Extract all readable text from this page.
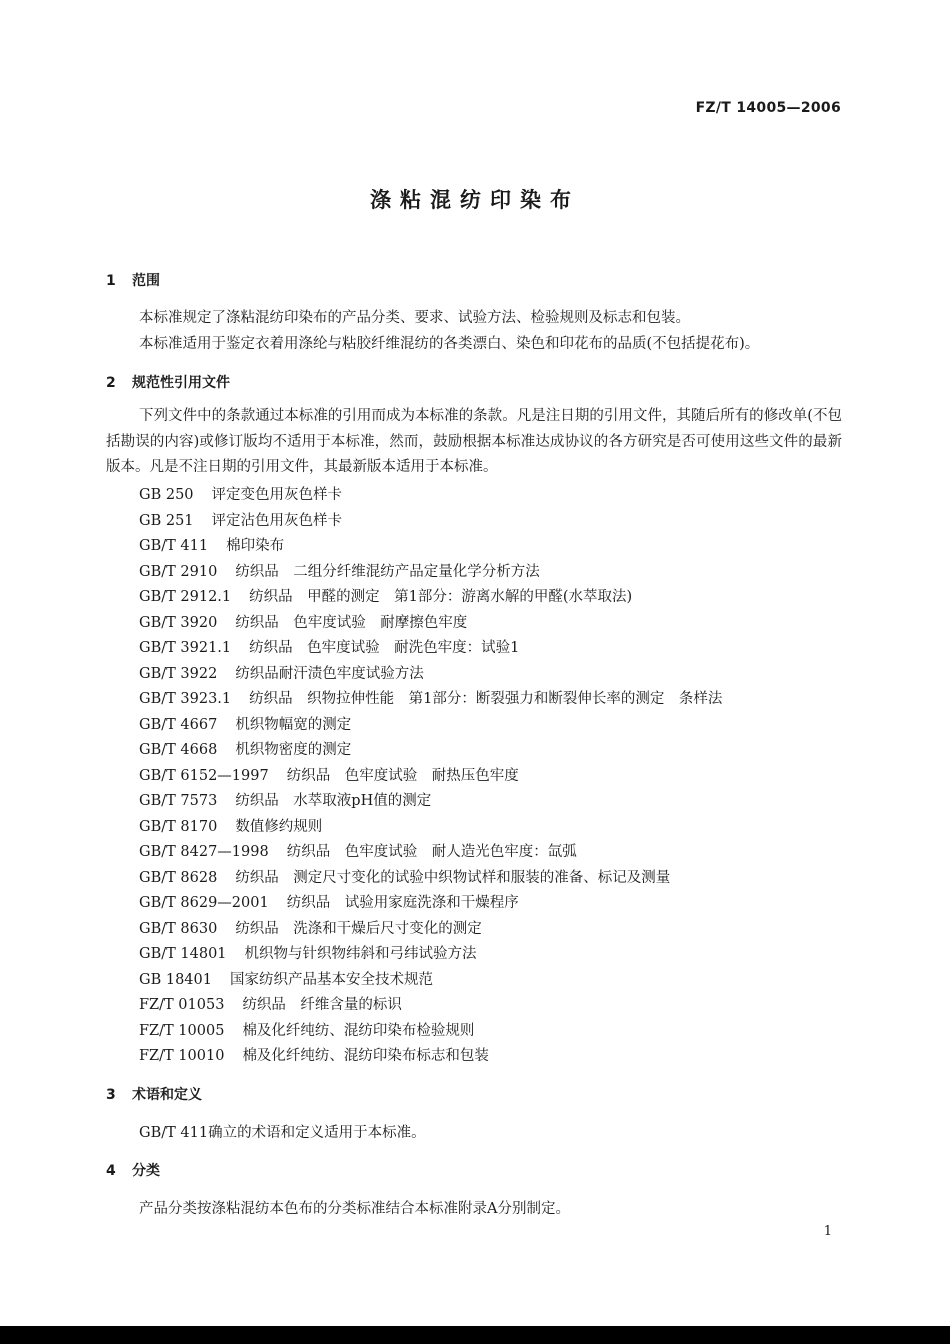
FZ/T 14005—2006
涤粘混纺印染布
1 范围
本标准规定了涤粘混纺印染布的产品分类、要求、试验方法、检验规则及标志和包装。
本标准适用于鉴定衣着用涤纶与粘胶纤维混纺的各类漂白、染色和印花布的品质(不包括提花布)。
2 规范性引用文件
下列文件中的条款通过本标准的引用而成为本标准的条款。凡是注日期的引用文件，其随后所有的修改单(不包括勘误的内容)或修订版均不适用于本标准，然而，鼓励根据本标准达成协议的各方研究是否可使用这些文件的最新版本。凡是不注日期的引用文件，其最新版本适用于本标准。
GB 250 评定变色用灰色样卡
GB 251 评定沾色用灰色样卡
GB/T 411 棉印染布
GB/T 2910 纺织品　二组分纤维混纺产品定量化学分析方法
GB/T 2912.1 纺织品　甲醛的测定　第1部分：游离水解的甲醛(水萃取法)
GB/T 3920 纺织品　色牢度试验　耐摩擦色牢度
GB/T 3921.1 纺织品　色牢度试验　耐洗色牢度：试验1
GB/T 3922 纺织品耐汗渍色牢度试验方法
GB/T 3923.1 纺织品　织物拉伸性能　第1部分：断裂强力和断裂伸长率的测定　条样法
GB/T 4667 机织物幅宽的测定
GB/T 4668 机织物密度的测定
GB/T 6152—1997 纺织品　色牢度试验　耐热压色牢度
GB/T 7573 纺织品　水萃取液pH值的测定
GB/T 8170 数值修约规则
GB/T 8427—1998 纺织品　色牢度试验　耐人造光色牢度：氙弧
GB/T 8628 纺织品　测定尺寸变化的试验中织物试样和服装的准备、标记及测量
GB/T 8629—2001 纺织品　试验用家庭洗涤和干燥程序
GB/T 8630 纺织品　洗涤和干燥后尺寸变化的测定
GB/T 14801 机织物与针织物纬斜和弓纬试验方法
GB 18401 国家纺织产品基本安全技术规范
FZ/T 01053 纺织品　纤维含量的标识
FZ/T 10005 棉及化纤纯纺、混纺印染布检验规则
FZ/T 10010 棉及化纤纯纺、混纺印染布标志和包装
3 术语和定义
GB/T 411确立的术语和定义适用于本标准。
4 分类
产品分类按涤粘混纺本色布的分类标准结合本标准附录A分别制定。
1
